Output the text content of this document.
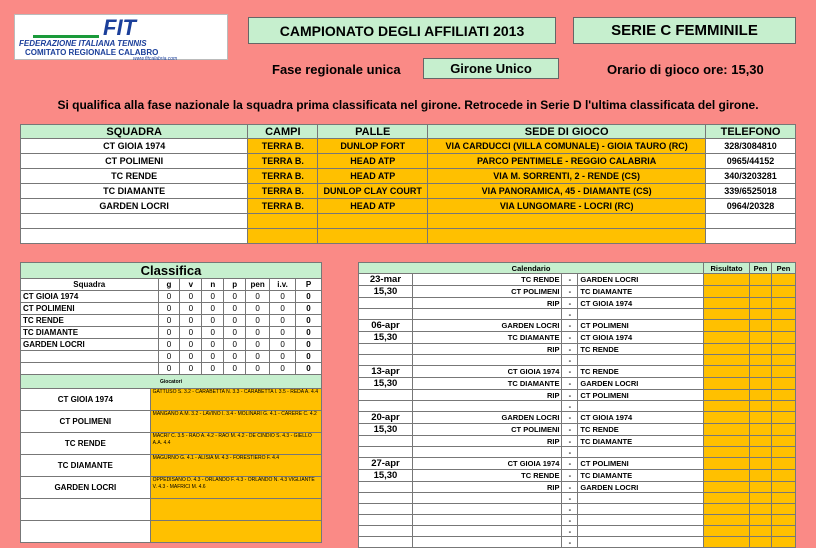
FIT
FEDERAZIONE ITALIANA TENNIS
COMITATO REGIONALE CALABRO
www.fitcalabria.com
CAMPIONATO DEGLI AFFILIATI 2013	SERIE C FEMMINILE
Fase regionale unica	Girone Unico	Orario di gioco ore: 15,30
Si qualifica alla fase nazionale la squadra prima classificata nel girone. Retrocede in Serie D l'ultima classificata del girone.
SQUADRA	CAMPI	PALLE	SEDE DI GIOCO	TELEFONO
CT GIOIA 1974	TERRA B.	DUNLOP FORT	VIA CARDUCCI (VILLA COMUNALE) - GIOIA TAURO (RC)	328/3084810
CT POLIMENI	TERRA B.	HEAD ATP	PARCO PENTIMELE - REGGIO CALABRIA	0965/44152
TC RENDE	TERRA B.	HEAD ATP	VIA M. SORRENTI, 2 - RENDE (CS)	340/3203281
TC DIAMANTE	TERRA B.	DUNLOP CLAY COURT	VIA PANORAMICA, 45 - DIAMANTE (CS)	339/6525018
GARDEN LOCRI	TERRA B.	HEAD ATP	VIA LUNGOMARE - LOCRI (RC)	0964/20328

Classifica							
Squadra	g	v	n	p	pen	i.v.	P
CT GIOIA 1974	0	0	0	0	0	0	0
CT POLIMENI	0	0	0	0	0	0	0
TC RENDE	0	0	0	0	0	0	0
TC DIAMANTE	0	0	0	0	0	0	0
GARDEN LOCRI	0	0	0	0	0	0	0
	0	0	0	0	0	0	0
	0	0	0	0	0	0	0
Giocatori	
CT GIOIA 1974	GATTUSO S. 3.2 - CARABETTA N. 3.3 - CARABETTA I. 3.5 - REDA A. 4.4
CT POLIMENI	MANGANO A.M. 3.2 - LAVINO I. 3.4 - MOLINARI G. 4.1 - CARERE C. 4.2
TC RENDE	MACRI' C. 3.5 - RAO A. 4.2 - RAO M. 4.2 - DE CINDIO S. 4.3 - GIELLO A.A. 4.4
TC DIAMANTE	MAGURNO G. 4.1 - ALISIA M. 4.3 - FORESTIERO F. 4.4
GARDEN LOCRI	OPPEDISANO D. 4.3 - ORLANDO F. 4.3 - ORLANDO N. 4.3 VIGLIANTE V. 4.3 - MAFRICI M. 4.6

Calendario				Risultato	Pen	Pen
23-mar	TC RENDE	-	GARDEN LOCRI			
15,30	CT POLIMENI	-	TC DIAMANTE			
	RIP	-	CT GIOIA 1974			
		-				
06-apr	GARDEN LOCRI	-	CT POLIMENI			
15,30	TC DIAMANTE	-	CT GIOIA 1974			
	RIP	-	TC RENDE			
		-				
13-apr	CT GIOIA 1974	-	TC RENDE			
15,30	TC DIAMANTE	-	GARDEN LOCRI			
	RIP	-	CT POLIMENI			
		-				
20-apr	GARDEN LOCRI	-	CT GIOIA 1974			
15,30	CT POLIMENI	-	TC RENDE			
	RIP	-	TC DIAMANTE			
		-				
27-apr	CT GIOIA 1974	-	CT POLIMENI			
15,30	TC RENDE	-	TC DIAMANTE			
	RIP	-	GARDEN LOCRI			
		-				
		-				
		-				
		-				
		-				
